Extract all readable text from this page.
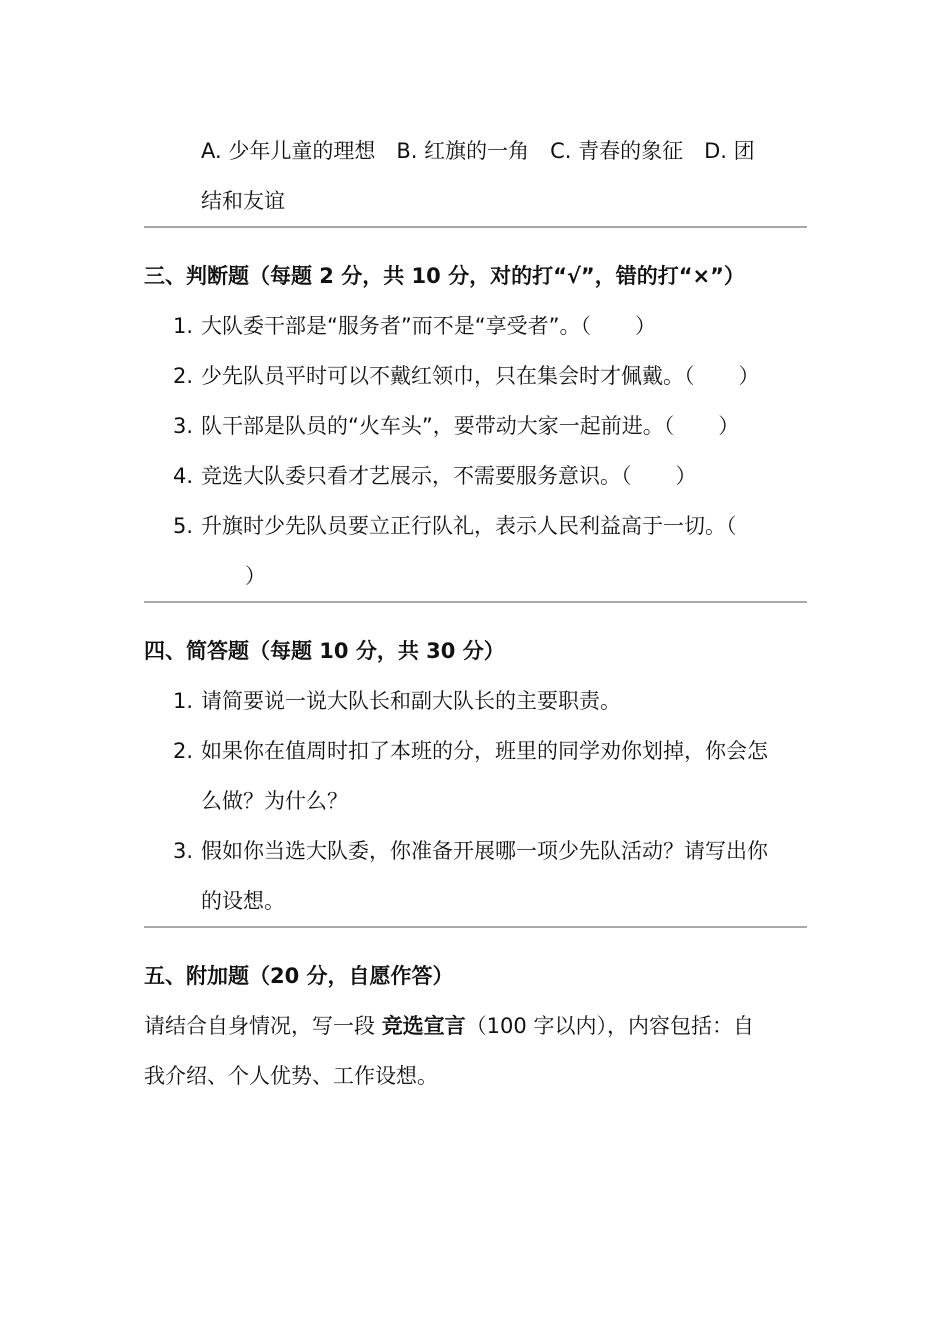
A. 少年儿童的理想　B. 红旗的一角　C. 青春的象征　D. 团
结和友谊
三、判断题（每题 2 分，共 10 分，对的打“√”，错的打“×”）
1. 大队委干部是“服务者”而不是“享受者”。（ ）
2. 少先队员平时可以不戴红领巾，只在集会时才佩戴。（ ）
3. 队干部是队员的“火车头”，要带动大家一起前进。（ ）
4. 竞选大队委只看才艺展示，不需要服务意识。（ ）
5. 升旗时少先队员要立正行队礼，表示人民利益高于一切。（
）
四、简答题（每题 10 分，共 30 分）
1. 请简要说一说大队长和副大队长的主要职责。
2. 如果你在值周时扣了本班的分，班里的同学劝你划掉，你会怎
么做？为什么？
3. 假如你当选大队委，你准备开展哪一项少先队活动？请写出你
的设想。
五、附加题（20 分，自愿作答）
请结合自身情况，写一段 竞选宣言（100 字以内），内容包括：自
我介绍、个人优势、工作设想。
